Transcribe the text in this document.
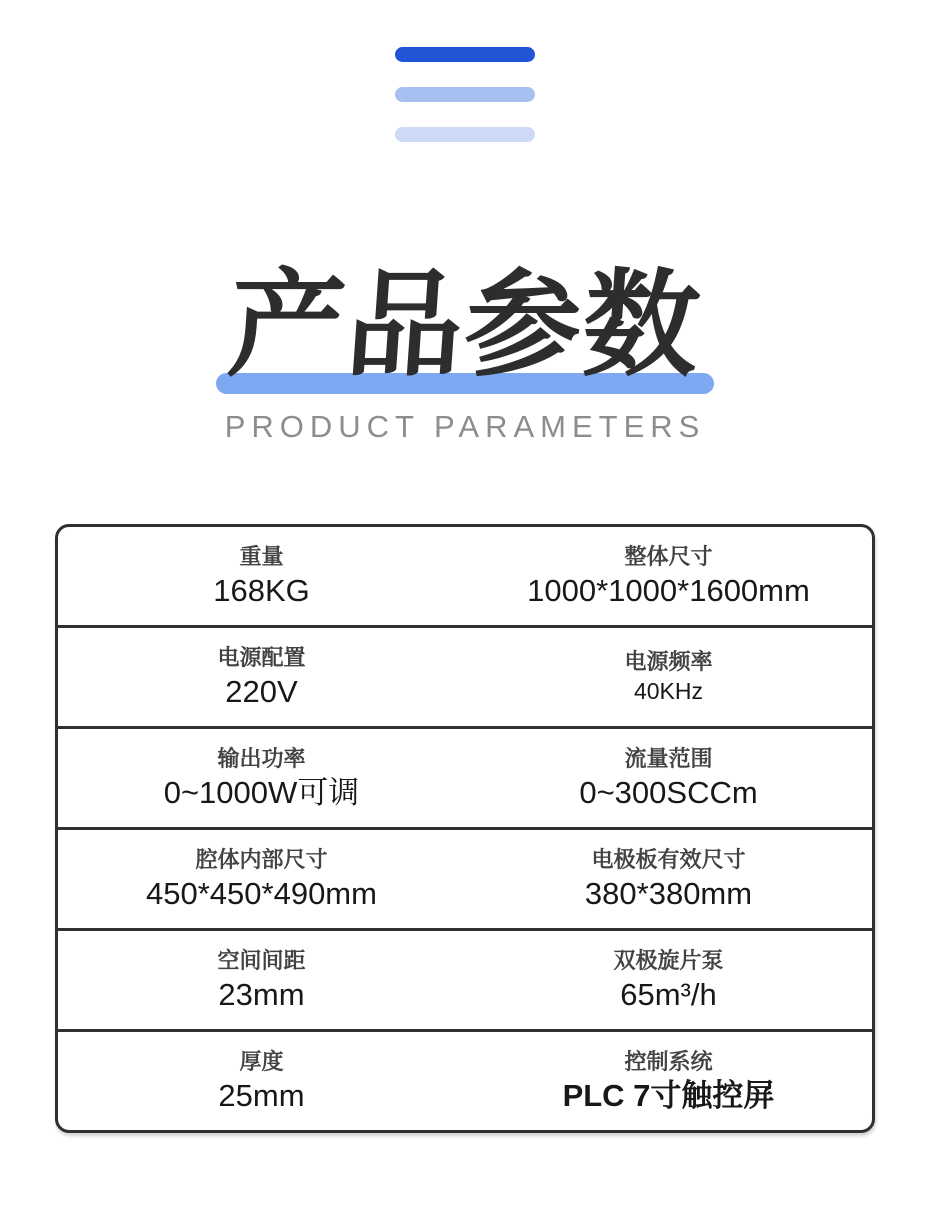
产品参数
PRODUCT PARAMETERS
重量
168KG
整体尺寸
1000*1000*1600mm
电源配置
220V
电源频率
40KHz
输出功率
0~1000W可调
流量范围
0~300SCCm
腔体内部尺寸
450*450*490mm
电极板有效尺寸
380*380mm
空间间距
23mm
双极旋片泵
65m³/h
厚度
25mm
控制系统
PLC 7寸触控屏
